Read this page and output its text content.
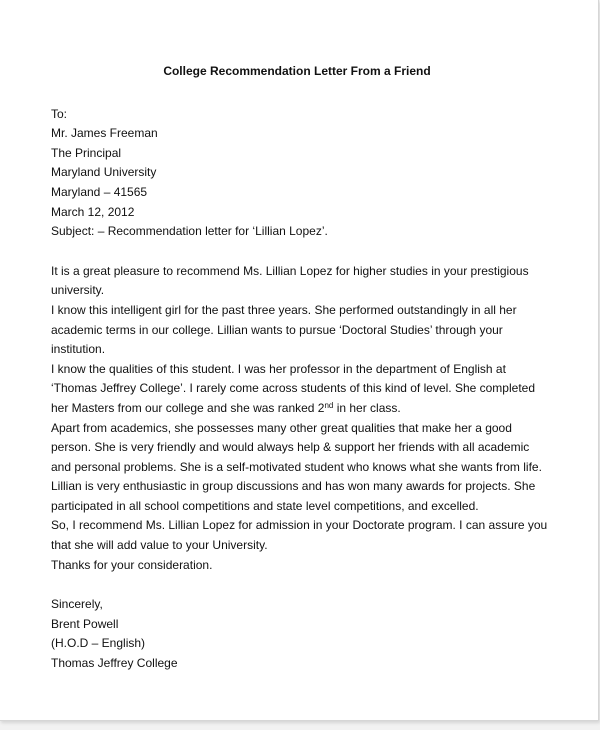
College Recommendation Letter From a Friend

To:

Mr. James Freeman

The Principal

Maryland University

Maryland – 41565

March 12, 2012

Subject: – Recommendation letter for ‘Lillian Lopez’.

It is a great pleasure to recommend Ms. Lillian Lopez for higher studies in your prestigious university.

I know this intelligent girl for the past three years. She performed outstandingly in all her academic terms in our college. Lillian wants to pursue ‘Doctoral Studies’ through your institution.

I know the qualities of this student. I was her professor in the department of English at ‘Thomas Jeffrey College’. I rarely come across students of this kind of level. She completed her Masters from our college and she was ranked 2nd in her class.

Apart from academics, she possesses many other great qualities that make her a good person. She is very friendly and would always help & support her friends with all academic and personal problems. She is a self-motivated student who knows what she wants from life.

Lillian is very enthusiastic in group discussions and has won many awards for projects. She participated in all school competitions and state level competitions, and excelled.

So, I recommend Ms. Lillian Lopez for admission in your Doctorate program. I can assure you that she will add value to your University.

Thanks for your consideration.

Sincerely,

Brent Powell

(H.O.D – English)

Thomas Jeffrey College
